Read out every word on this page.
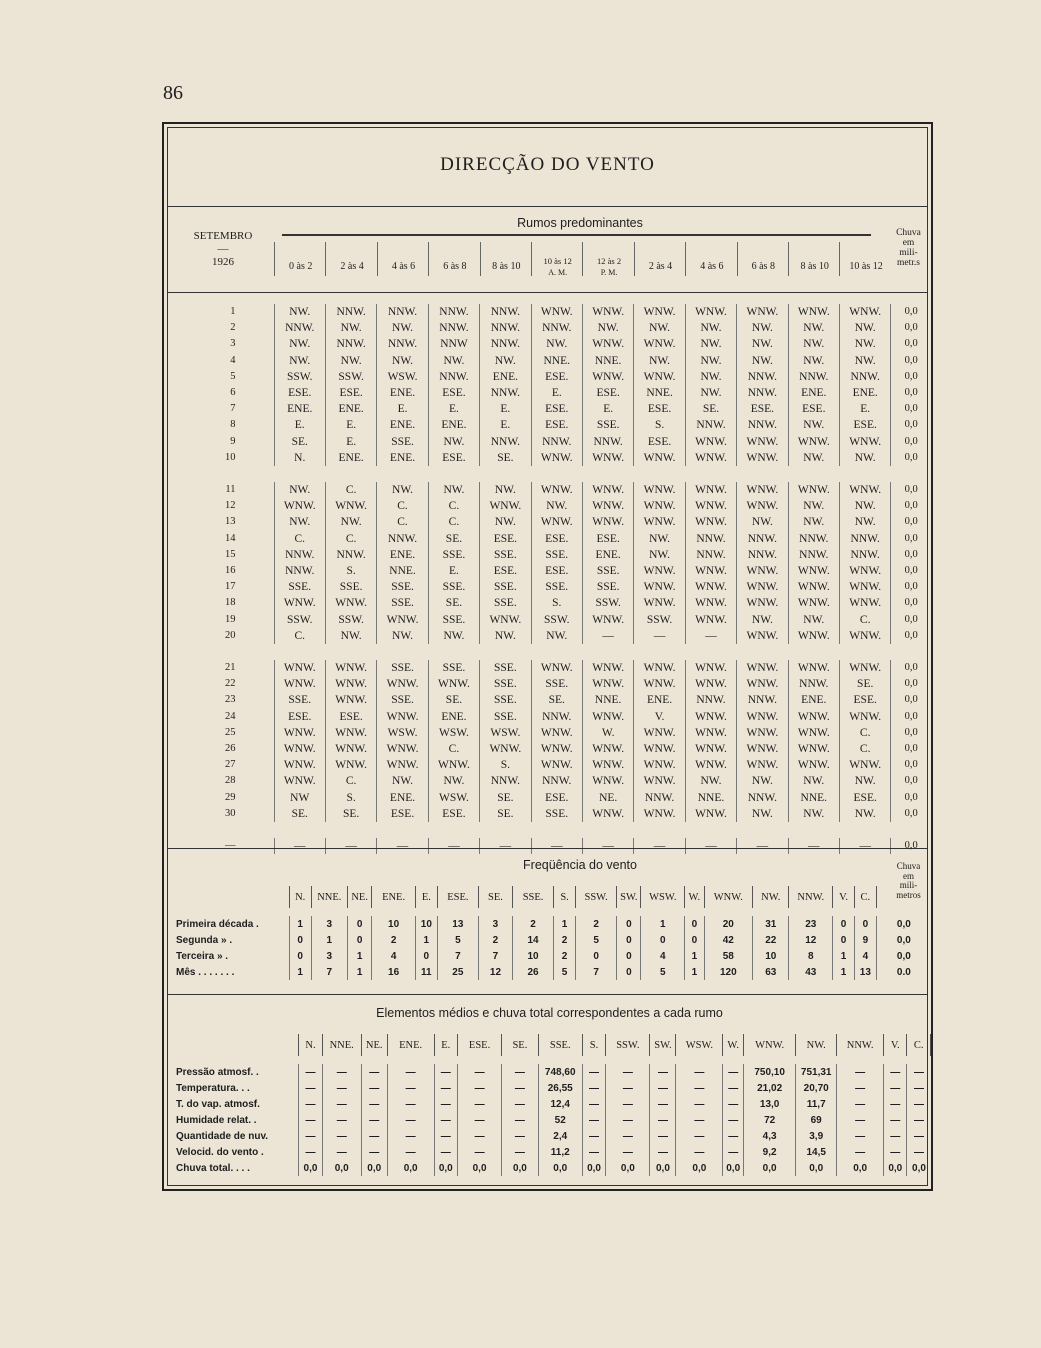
86
DIRECÇÃO DO VENTO
SETEMBRO
—
1926
Rumos predominantes
Chuva
em
mili-
metr.s
0 às 2	2 às 4	4 às 6	6 às 8	8 às 10	10 às 12
A. M.
12 às 2
P. M.
2 às 4	4 às 6	6 às 8	8 às 10	10 às 12
1	NW.	NNW.	NNW.	NNW.	NNW.	WNW.	WNW.	WNW.	WNW.	WNW.	WNW.	WNW.	0,0
2	NNW.	NW.	NW.	NNW.	NNW.	NNW.	NW.	NW.	NW.	NW.	NW.	NW.	0,0
3	NW.	NNW.	NNW.	NNW	NNW.	NW.	WNW.	WNW.	NW.	NW.	NW.	NW.	0,0
4	NW.	NW.	NW.	NW.	NW.	NNE.	NNE.	NW.	NW.	NW.	NW.	NW.	0,0
5	SSW.	SSW.	WSW.	NNW.	ENE.	ESE.	WNW.	WNW.	NW.	NNW.	NNW.	NNW.	0,0
6	ESE.	ESE.	ENE.	ESE.	NNW.	E.	ESE.	NNE.	NW.	NNW.	ENE.	ENE.	0,0
7	ENE.	ENE.	E.	E.	E.	ESE.	E.	ESE.	SE.	ESE.	ESE.	E.	0,0
8	E.	E.	ENE.	ENE.	E.	ESE.	SSE.	S.	NNW.	NNW.	NW.	ESE.	0,0
9	SE.	E.	SSE.	NW.	NNW.	NNW.	NNW.	ESE.	WNW.	WNW.	WNW.	WNW.	0,0
10	N.	ENE.	ENE.	ESE.	SE.	WNW.	WNW.	WNW.	WNW.	WNW.	NW.	NW.	0,0

11	NW.	C.	NW.	NW.	NW.	WNW.	WNW.	WNW.	WNW.	WNW.	WNW.	WNW.	0,0
12	WNW.	WNW.	C.	C.	WNW.	NW.	WNW.	WNW.	WNW.	WNW.	NW.	NW.	0,0
13	NW.	NW.	C.	C.	NW.	WNW.	WNW.	WNW.	WNW.	NW.	NW.	NW.	0,0
14	C.	C.	NNW.	SE.	ESE.	ESE.	ESE.	NW.	NNW.	NNW.	NNW.	NNW.	0,0
15	NNW.	NNW.	ENE.	SSE.	SSE.	SSE.	ENE.	NW.	NNW.	NNW.	NNW.	NNW.	0,0
16	NNW.	S.	NNE.	E.	ESE.	ESE.	SSE.	WNW.	WNW.	WNW.	WNW.	WNW.	0,0
17	SSE.	SSE.	SSE.	SSE.	SSE.	SSE.	SSE.	WNW.	WNW.	WNW.	WNW.	WNW.	0,0
18	WNW.	WNW.	SSE.	SE.	SSE.	S.	SSW.	WNW.	WNW.	WNW.	WNW.	WNW.	0,0
19	SSW.	SSW.	WNW.	SSE.	WNW.	SSW.	WNW.	SSW.	WNW.	NW.	NW.	C.	0,0
20	C.	NW.	NW.	NW.	NW.	NW.	—	—	—	WNW.	WNW.	WNW.	0,0

21	WNW.	WNW.	SSE.	SSE.	SSE.	WNW.	WNW.	WNW.	WNW.	WNW.	WNW.	WNW.	0,0
22	WNW.	WNW.	WNW.	WNW.	SSE.	SSE.	WNW.	WNW.	WNW.	WNW.	NNW.	SE.	0,0
23	SSE.	WNW.	SSE.	SE.	SSE.	SE.	NNE.	ENE.	NNW.	NNW.	ENE.	ESE.	0,0
24	ESE.	ESE.	WNW.	ENE.	SSE.	NNW.	WNW.	V.	WNW.	WNW.	WNW.	WNW.	0,0
25	WNW.	WNW.	WSW.	WSW.	WSW.	WNW.	W.	WNW.	WNW.	WNW.	WNW.	C.	0,0
26	WNW.	WNW.	WNW.	C.	WNW.	WNW.	WNW.	WNW.	WNW.	WNW.	WNW.	C.	0,0
27	WNW.	WNW.	WNW.	WNW.	S.	WNW.	WNW.	WNW.	WNW.	WNW.	WNW.	WNW.	0,0
28	WNW.	C.	NW.	NW.	NNW.	NNW.	WNW.	WNW.	NW.	NW.	NW.	NW.	0,0
29	NW	S.	ENE.	WSW.	SE.	ESE.	NE.	NNW.	NNE.	NNW.	NNE.	ESE.	0,0
30	SE.	SE.	ESE.	ESE.	SE.	SSE.	WNW.	WNW.	WNW.	NW.	NW.	NW.	0,0

—	—	—	—	—	—	—	—	—	—	—	—	—	0,0
Freqüência do vento	Chuva
em
mili-
metros
	N.	NNE.	NE.	ENE.	E.	ESE.	SE.	SSE.	S.	SSW.	SW.	WSW.	W.	WNW.	NW.	NNW.	V.	C.	

Primeira década .	1	3	0	10	10	13	3	2	1	2	0	1	0	20	31	23	0	0	0,0
Segunda » .	0	1	0	2	1	5	2	14	2	5	0	0	0	42	22	12	0	9	0,0
Terceira » .	0	3	1	4	0	7	7	10	2	0	0	4	1	58	10	8	1	4	0,0
Mês . . . . . . .	1	7	1	16	11	25	12	26	5	7	0	5	1	120	63	43	1	13	0.0
Elementos médios e chuva total correspondentes a cada rumo
	N.	NNE.	NE.	ENE.	E.	ESE.	SE.	SSE.	S.	SSW.	SW.	WSW.	W.	WNW.	NW.	NNW.	V.	C.

Pressão atmosf. .	—	—	—	—	—	—	—	748,60	—	—	—	—	—	750,10	751,31	—	—	—
Temperatura. . .	—	—	—	—	—	—	—	26,55	—	—	—	—	—	21,02	20,70	—	—	—
T. do vap. atmosf.	—	—	—	—	—	—	—	12,4	—	—	—	—	—	13,0	11,7	—	—	—
Humidade relat. .	—	—	—	—	—	—	—	52	—	—	—	—	—	72	69	—	—	—
Quantidade de nuv.	—	—	—	—	—	—	—	2,4	—	—	—	—	—	4,3	3,9	—	—	—
Velocid. do vento .	—	—	—	—	—	—	—	11,2	—	—	—	—	—	9,2	14,5	—	—	—
Chuva total. . . .	0,0	0,0	0,0	0,0	0,0	0,0	0,0	0,0	0,0	0,0	0,0	0,0	0,0	0,0	0,0	0,0	0,0	0,0
